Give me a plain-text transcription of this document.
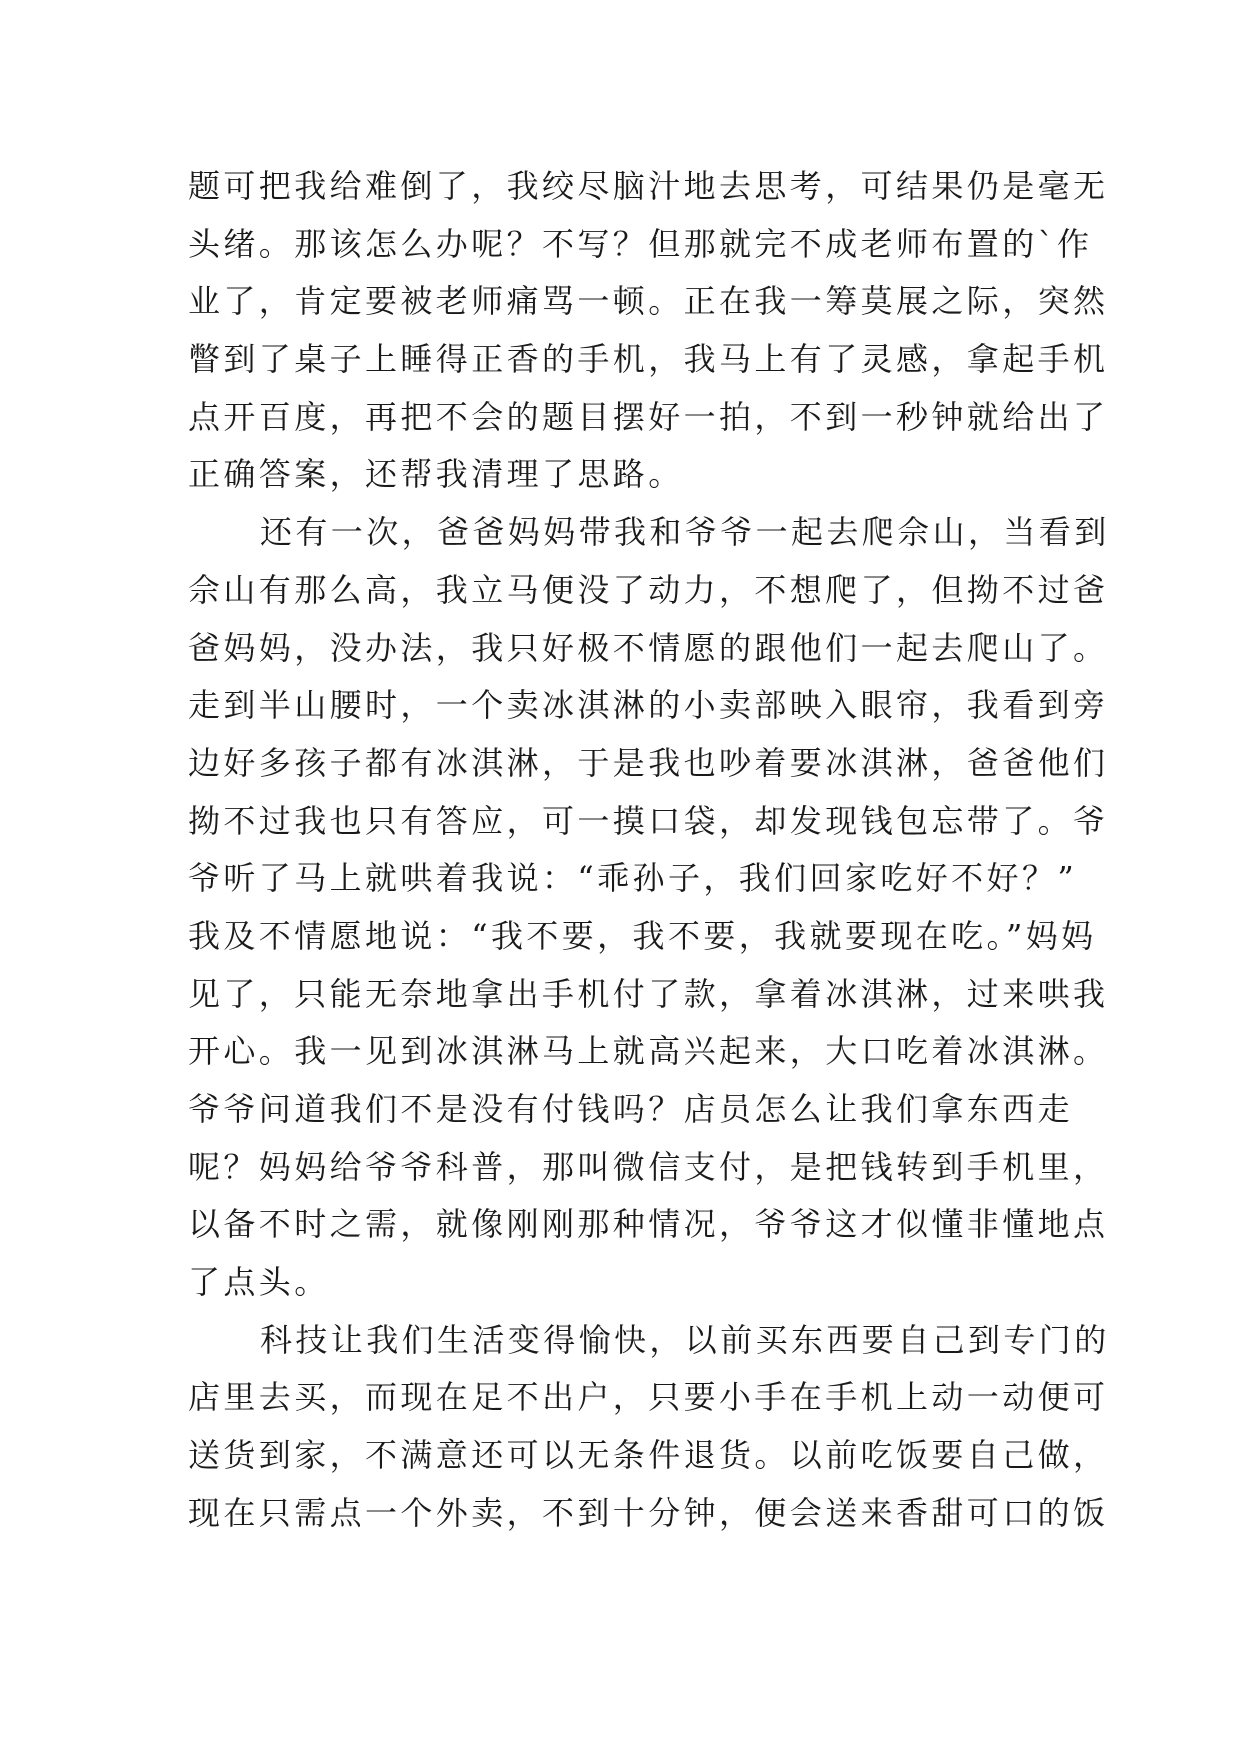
题可把我给难倒了，我绞尽脑汁地去思考，可结果仍是毫无
头绪。那该怎么办呢？不写？但那就完不成老师布置的`作
业了，肯定要被老师痛骂一顿。正在我一筹莫展之际，突然
瞥到了桌子上睡得正香的手机，我马上有了灵感，拿起手机
点开百度，再把不会的题目摆好一拍，不到一秒钟就给出了
正确答案，还帮我清理了思路。
还有一次，爸爸妈妈带我和爷爷一起去爬佘山，当看到
佘山有那么高，我立马便没了动力，不想爬了，但拗不过爸
爸妈妈，没办法，我只好极不情愿的跟他们一起去爬山了。
走到半山腰时，一个卖冰淇淋的小卖部映入眼帘，我看到旁
边好多孩子都有冰淇淋，于是我也吵着要冰淇淋，爸爸他们
拗不过我也只有答应，可一摸口袋，却发现钱包忘带了。爷
爷听了马上就哄着我说：“乖孙子，我们回家吃好不好？”
我及不情愿地说：“我不要，我不要，我就要现在吃。”妈妈
见了，只能无奈地拿出手机付了款，拿着冰淇淋，过来哄我
开心。我一见到冰淇淋马上就高兴起来，大口吃着冰淇淋。
爷爷问道我们不是没有付钱吗？店员怎么让我们拿东西走
呢？妈妈给爷爷科普，那叫微信支付，是把钱转到手机里，
以备不时之需，就像刚刚那种情况，爷爷这才似懂非懂地点
了点头。
科技让我们生活变得愉快，以前买东西要自己到专门的
店里去买，而现在足不出户，只要小手在手机上动一动便可
送货到家，不满意还可以无条件退货。以前吃饭要自己做，
现在只需点一个外卖，不到十分钟，便会送来香甜可口的饭
